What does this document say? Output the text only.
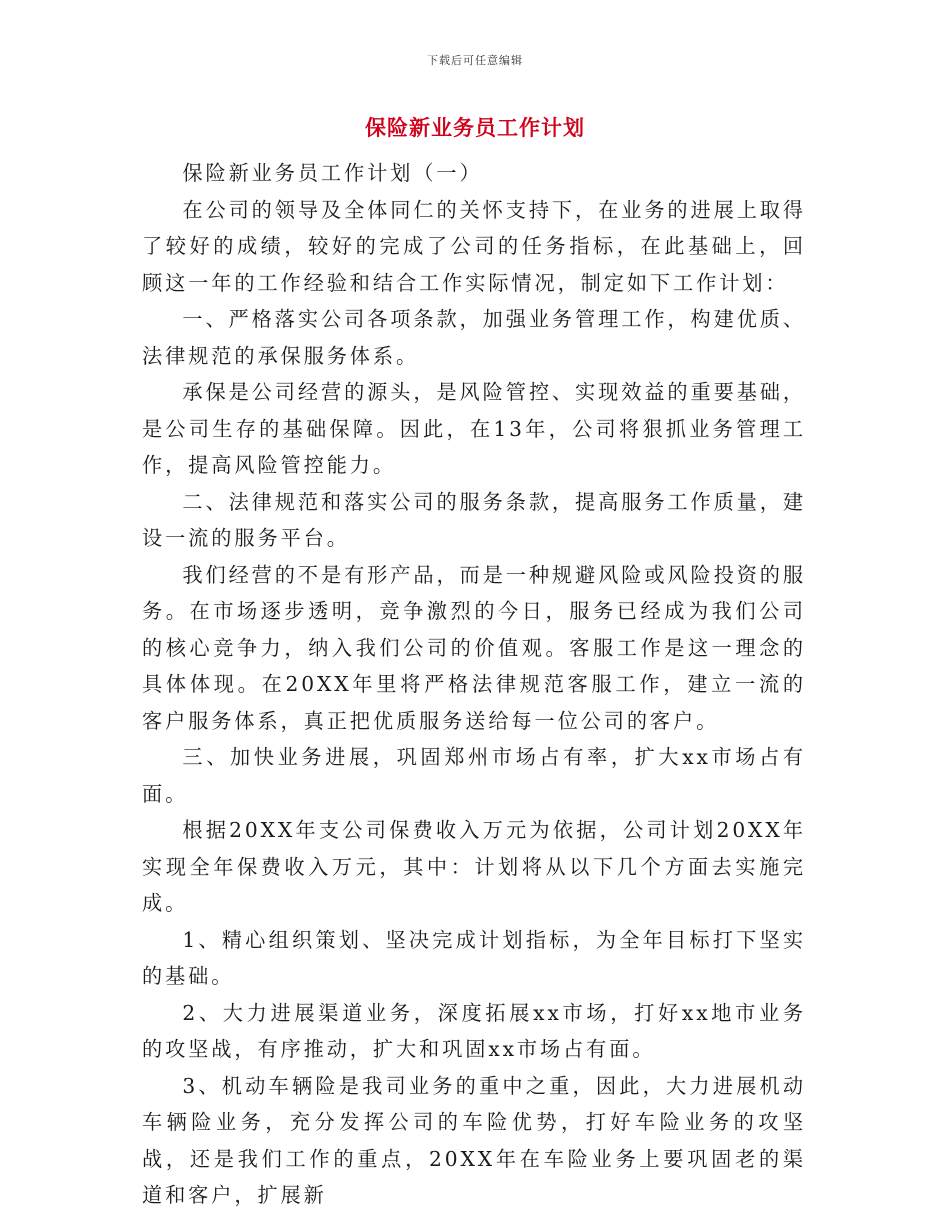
下载后可任意编辑
保险新业务员工作计划

保险新业务员工作计划（一）

在公司的领导及全体同仁的关怀支持下，在业务的进展上取得了较好的成绩，较好的完成了公司的任务指标，在此基础上，回顾这一年的工作经验和结合工作实际情况，制定如下工作计划：

一、严格落实公司各项条款，加强业务管理工作，构建优质、法律规范的承保服务体系。

承保是公司经营的源头，是风险管控、实现效益的重要基础，是公司生存的基础保障。因此，在13年，公司将狠抓业务管理工作，提高风险管控能力。

二、法律规范和落实公司的服务条款，提高服务工作质量，建设一流的服务平台。

我们经营的不是有形产品，而是一种规避风险或风险投资的服务。在市场逐步透明，竞争激烈的今日，服务已经成为我们公司的核心竞争力，纳入我们公司的价值观。客服工作是这一理念的具体体现。在20XX年里将严格法律规范客服工作，建立一流的客户服务体系，真正把优质服务送给每一位公司的客户。

三、加快业务进展，巩固郑州市场占有率，扩大xx市场占有面。

根据20XX年支公司保费收入万元为依据，公司计划20XX年实现全年保费收入万元，其中：计划将从以下几个方面去实施完成。

1、精心组织策划、坚决完成计划指标，为全年目标打下坚实的基础。

2、大力进展渠道业务，深度拓展xx市场，打好xx地市业务的攻坚战，有序推动，扩大和巩固xx市场占有面。

3、机动车辆险是我司业务的重中之重，因此，大力进展机动车辆险业务，充分发挥公司的车险优势，打好车险业务的攻坚战，还是我们工作的重点，20XX年在车险业务上要巩固老的渠道和客户，扩展新
